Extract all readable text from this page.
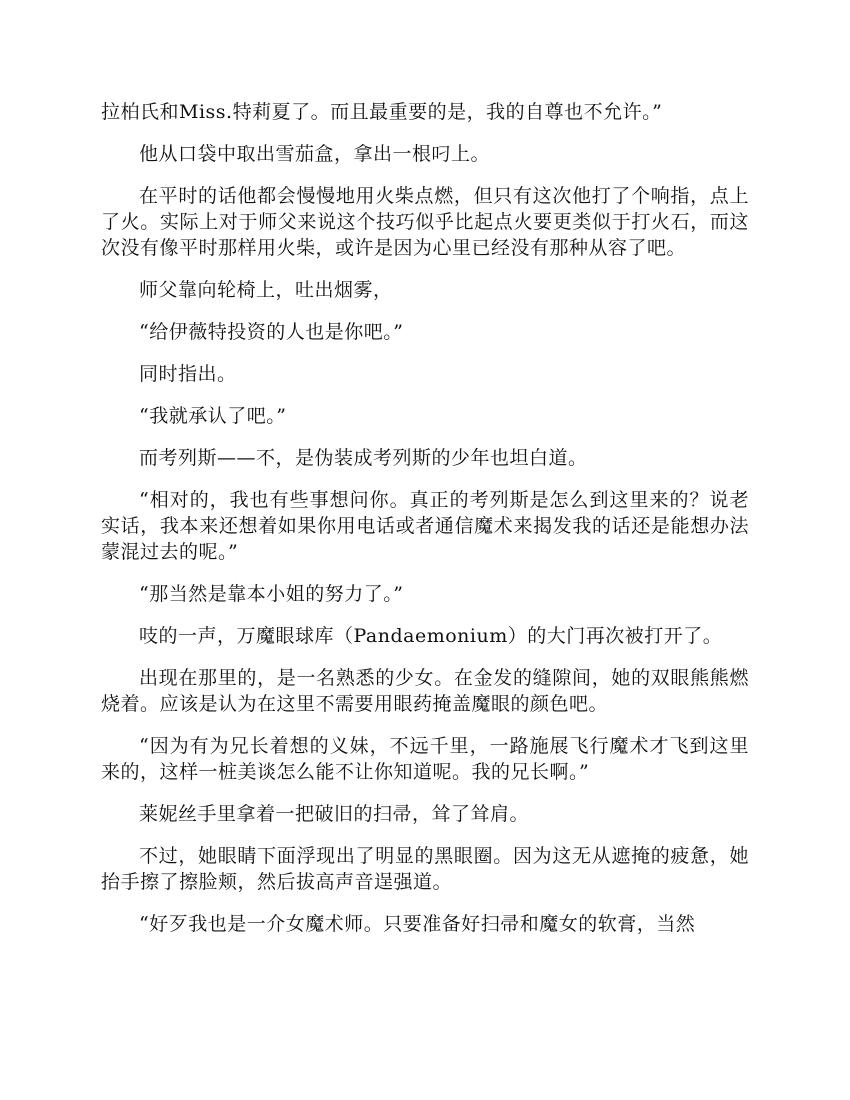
拉柏氏和Miss.特莉夏了。而且最重要的是，我的自尊也不允许。”

他从口袋中取出雪茄盒，拿出一根叼上。

在平时的话他都会慢慢地用火柴点燃，但只有这次他打了个响指，点上了火。实际上对于师父来说这个技巧似乎比起点火要更类似于打火石，而这次没有像平时那样用火柴，或许是因为心里已经没有那种从容了吧。

师父靠向轮椅上，吐出烟雾，

“给伊薇特投资的人也是你吧。”

同时指出。

“我就承认了吧。”

而考列斯——不，是伪装成考列斯的少年也坦白道。

“相对的，我也有些事想问你。真正的考列斯是怎么到这里来的？说老实话，我本来还想着如果你用电话或者通信魔术来揭发我的话还是能想办法蒙混过去的呢。”

“那当然是靠本小姐的努力了。”

吱的一声，万魔眼球库（Pandaemonium）的大门再次被打开了。

出现在那里的，是一名熟悉的少女。在金发的缝隙间，她的双眼熊熊燃烧着。应该是认为在这里不需要用眼药掩盖魔眼的颜色吧。

“因为有为兄长着想的义妹，不远千里，一路施展飞行魔术才飞到这里来的，这样一桩美谈怎么能不让你知道呢。我的兄长啊。”

莱妮丝手里拿着一把破旧的扫帚，耸了耸肩。

不过，她眼睛下面浮现出了明显的黑眼圈。因为这无从遮掩的疲惫，她抬手擦了擦脸颊，然后拔高声音逞强道。

“好歹我也是一介女魔术师。只要准备好扫帚和魔女的软膏，当然
